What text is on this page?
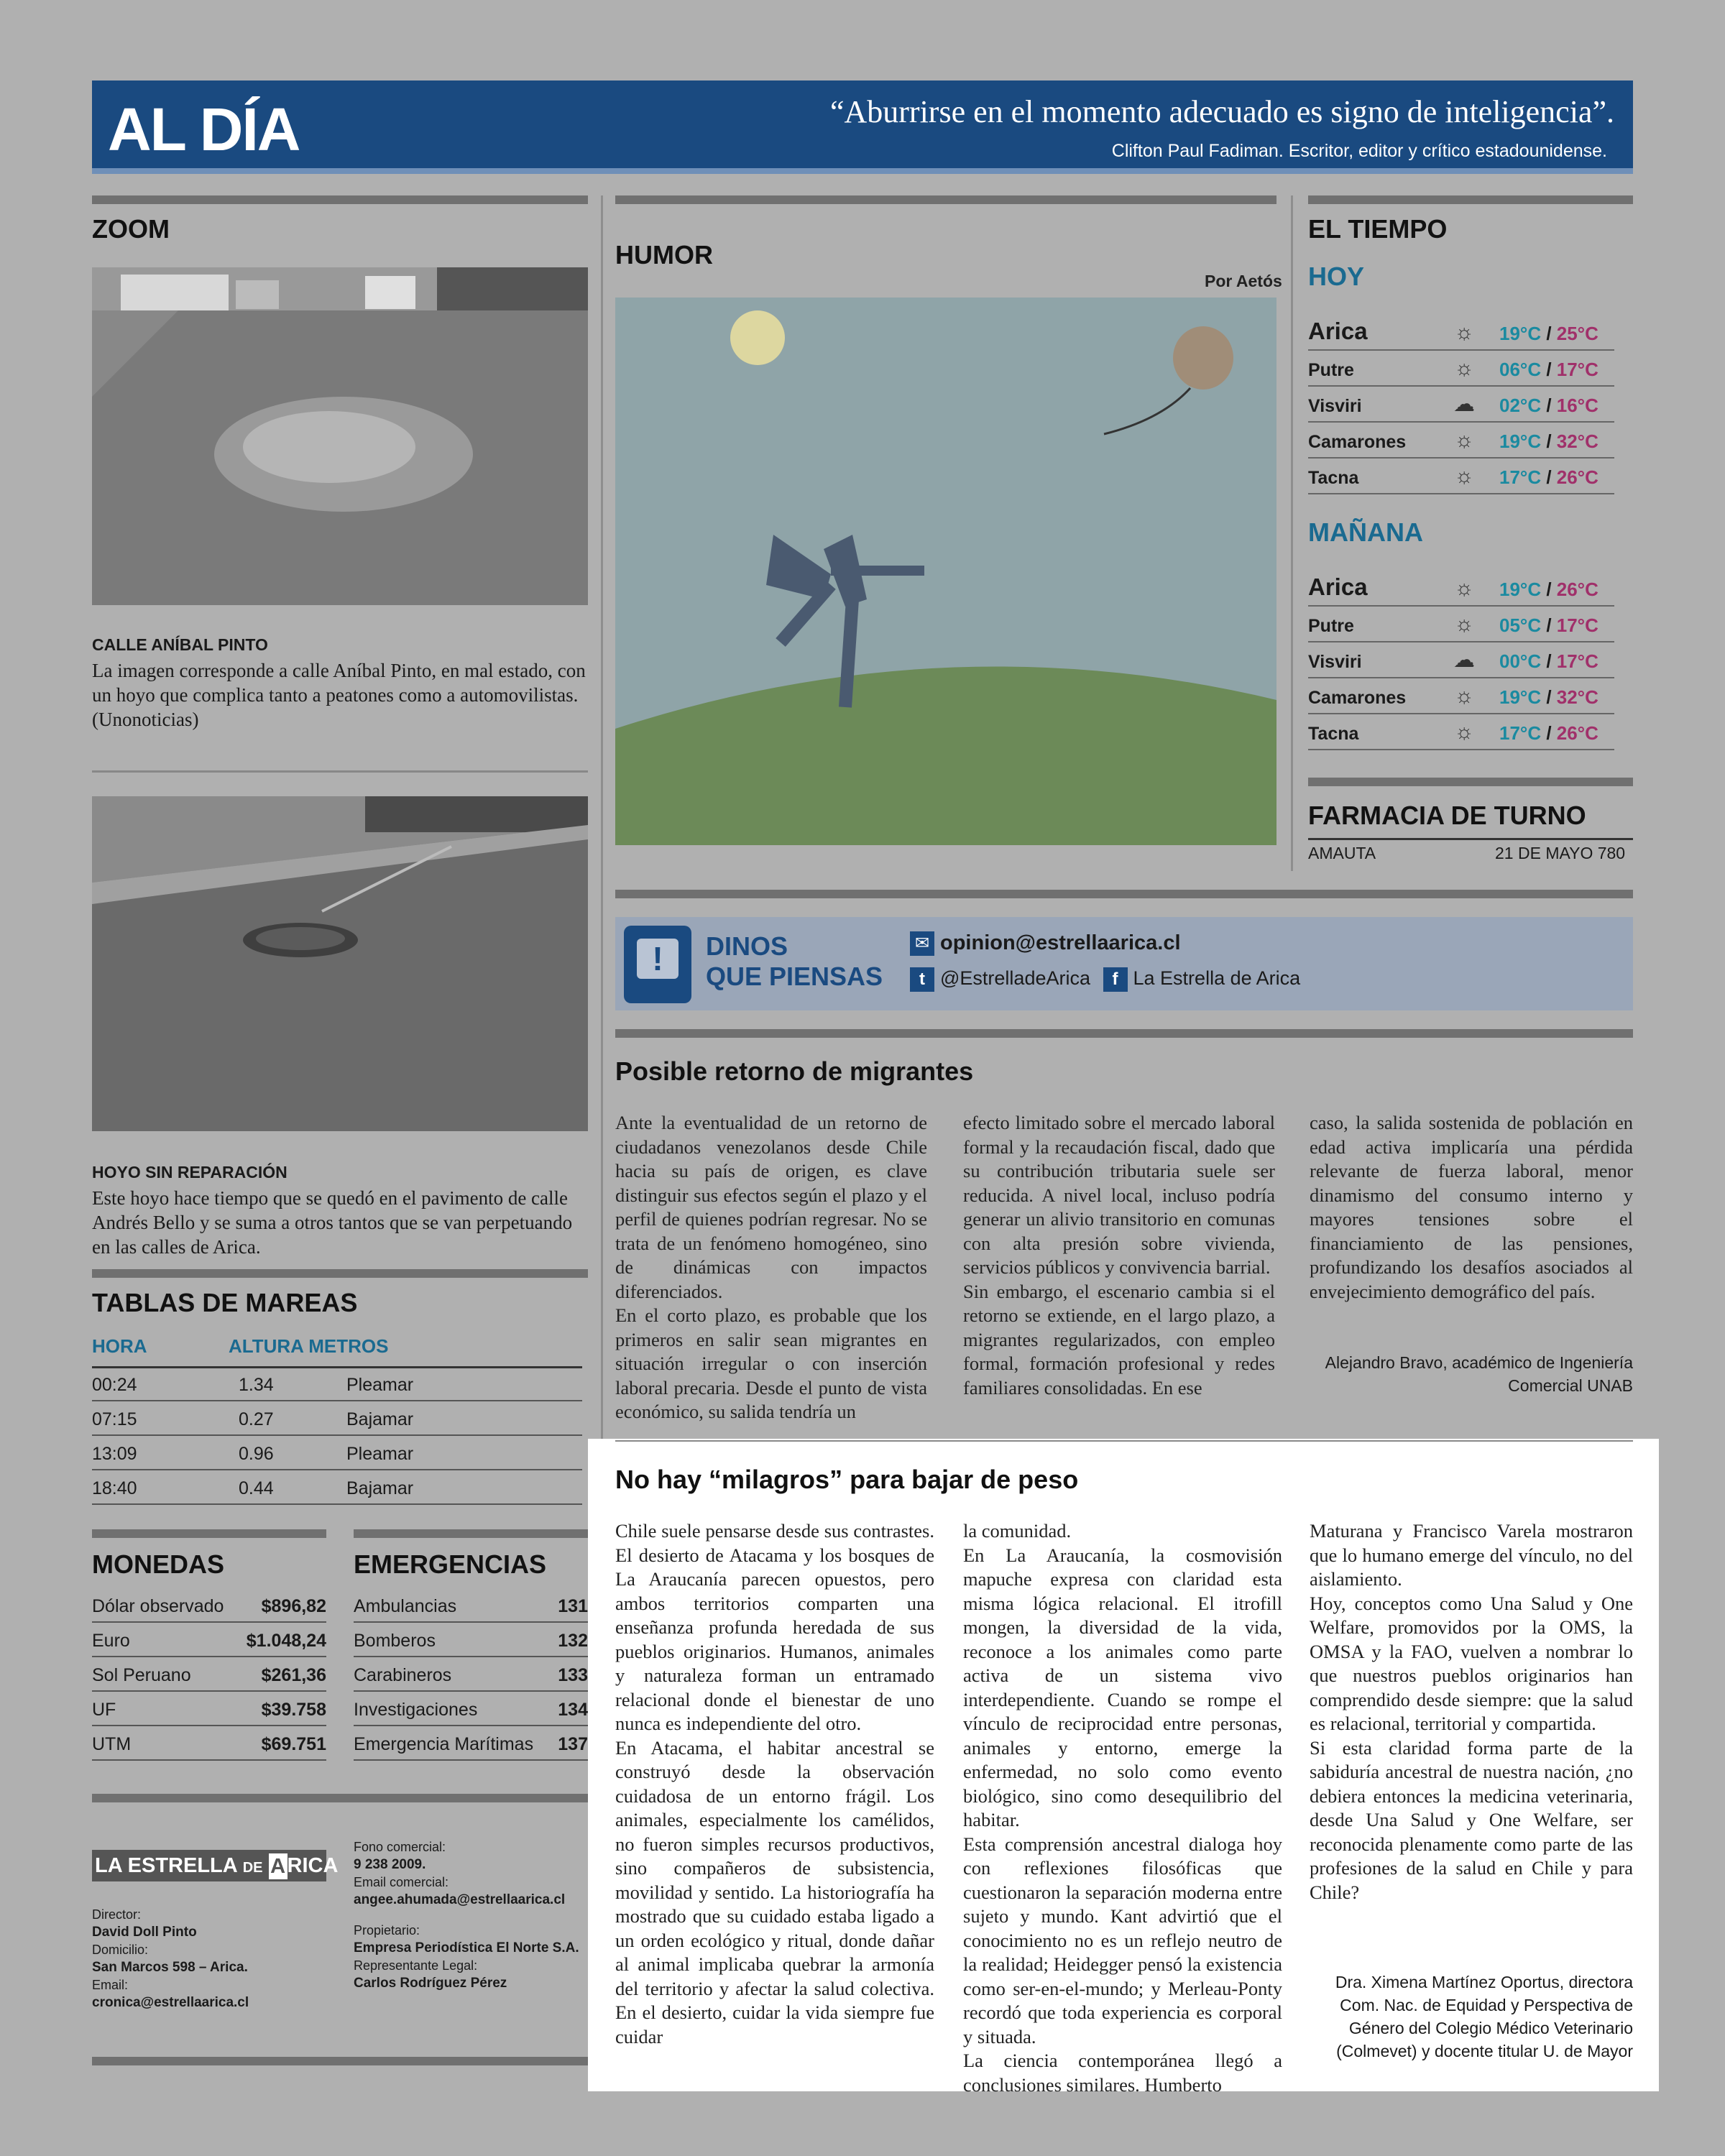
AL DÍA	“Aburrirse en el momento adecuado es signo de inteligencia”.
Clifton Paul Fadiman. Escritor, editor y crítico estadounidense.
ZOOM
CALLE ANÍBAL PINTO
La imagen corresponde a calle Aníbal Pinto, en mal estado, con un hoyo que complica tanto a peatones como a automovilistas. (Unonoticias)
HOYO SIN REPARACIÓN
Este hoyo hace tiempo que se quedó en el pavimento de calle Andrés Bello y se suma a otros tantos que se van perpetuando en las calles de Arica.
TABLAS DE MAREAS
HORA	ALTURA METROS
00:24	1.34	Pleamar
07:15	0.27	Bajamar
13:09	0.96	Pleamar
18:40	0.44	Bajamar
MONEDAS
Dólar observado $896,82
Euro	$1.048,24
Sol Peruano	$261,36
UF	$39.758
UTM	$69.751
EMERGENCIAS
Ambulancias	131
Bomberos	132
Carabineros	133
Investigaciones	134
Emergencia Marítimas 137
LA ESTRELLA DE ARICA
Director:
David Doll Pinto
Domicilio:
San Marcos 598 – Arica.
Email:
cronica@estrellaarica.cl
Fono comercial:
9 238 2009.
Email comercial:
angee.ahumada@estrellaarica.cl
Propietario:
Empresa Periodística El Norte S.A.
Representante Legal:
Carlos Rodríguez Pérez
HUMOR
Por Aetós
EL TIEMPO
HOY
Arica	☼ 19°C / 25°C
Putre	☼ 06°C / 17°C
Visviri	☁ 02°C / 16°C
Camarones ☼ 19°C / 32°C
Tacna	☼ 17°C / 26°C
MAÑANA
Arica	☼ 19°C / 26°C
Putre	☼ 05°C / 17°C
Visviri	☁ 00°C / 17°C
Camarones ☼ 19°C / 32°C
Tacna	☼ 17°C / 26°C
FARMACIA DE TURNO
AMAUTA	21 DE MAYO 780
!	DINOS
QUE PIENSAS
✉ opinion@estrellaarica.cl
t @EstrelladeArica f La Estrella de Arica
Posible retorno de migrantes

Ante la eventualidad de un retorno de ciudadanos venezolanos desde Chile hacia su país de origen, es clave distinguir sus efectos según el plazo y el perfil de quienes podrían regresar. No se trata de un fenómeno homogéneo, sino de dinámicas con impactos diferenciados.

En el corto plazo, es probable que los primeros en salir sean migrantes en situación irregular o con inserción laboral precaria. Desde el punto de vista económico, su salida tendría un

efecto limitado sobre el mercado laboral formal y la recaudación fiscal, dado que su contribución tributaria suele ser reducida. A nivel local, incluso podría generar un alivio transitorio en comunas con alta presión sobre vivienda, servicios públicos y convivencia barrial.

Sin embargo, el escenario cambia si el retorno se extiende, en el largo plazo, a migrantes regularizados, con empleo formal, formación profesional y redes familiares consolidadas. En ese

caso, la salida sostenida de población en edad activa implicaría una pérdida relevante de fuerza laboral, menor dinamismo del consumo interno y mayores tensiones sobre el financiamiento de las pensiones, profundizando los desafíos asociados al envejecimiento demográfico del país.

Alejandro Bravo, académico de Ingeniería Comercial UNAB
No hay “milagros” para bajar de peso

Chile suele pensarse desde sus contrastes. El desierto de Atacama y los bosques de La Araucanía parecen opuestos, pero ambos territorios comparten una enseñanza profunda heredada de sus pueblos originarios. Humanos, animales y naturaleza forman un entramado relacional donde el bienestar de uno nunca es independiente del otro.

En Atacama, el habitar ancestral se construyó desde la observación cuidadosa de un entorno frágil. Los animales, especialmente los camélidos, no fueron simples recursos productivos, sino compañeros de subsistencia, movilidad y sentido. La historiografía ha mostrado que su cuidado estaba ligado a un orden ecológico y ritual, donde dañar al animal implicaba quebrar la armonía del territorio y afectar la salud colectiva. En el desierto, cuidar la vida siempre fue cuidar

la comunidad.

En La Araucanía, la cosmovisión mapuche expresa con claridad esta misma lógica relacional. El itrofill mongen, la diversidad de la vida, reconoce a los animales como parte activa de un sistema vivo interdependiente. Cuando se rompe el vínculo de reciprocidad entre personas, animales y entorno, emerge la enfermedad, no solo como evento biológico, sino como desequilibrio del habitar.

Esta comprensión ancestral dialoga hoy con reflexiones filosóficas que cuestionaron la separación moderna entre sujeto y mundo. Kant advirtió que el conocimiento no es un reflejo neutro de la realidad; Heidegger pensó la existencia como ser-en-el-mundo; y Merleau-Ponty recordó que toda experiencia es corporal y situada.

La ciencia contemporánea llegó a conclusiones similares. Humberto

Maturana y Francisco Varela mostraron que lo humano emerge del vínculo, no del aislamiento.

Hoy, conceptos como Una Salud y One Welfare, promovidos por la OMS, la OMSA y la FAO, vuelven a nombrar lo que nuestros pueblos originarios han comprendido desde siempre: que la salud es relacional, territorial y compartida.

Si esta claridad forma parte de la sabiduría ancestral de nuestra nación, ¿no debiera entonces la medicina veterinaria, desde Una Salud y One Welfare, ser reconocida plenamente como parte de las profesiones de la salud en Chile y para Chile?

Dra. Ximena Martínez Oportus, directora Com. Nac. de Equidad y Perspectiva de Género del Colegio Médico Veterinario (Colmevet) y docente titular U. de Mayor
